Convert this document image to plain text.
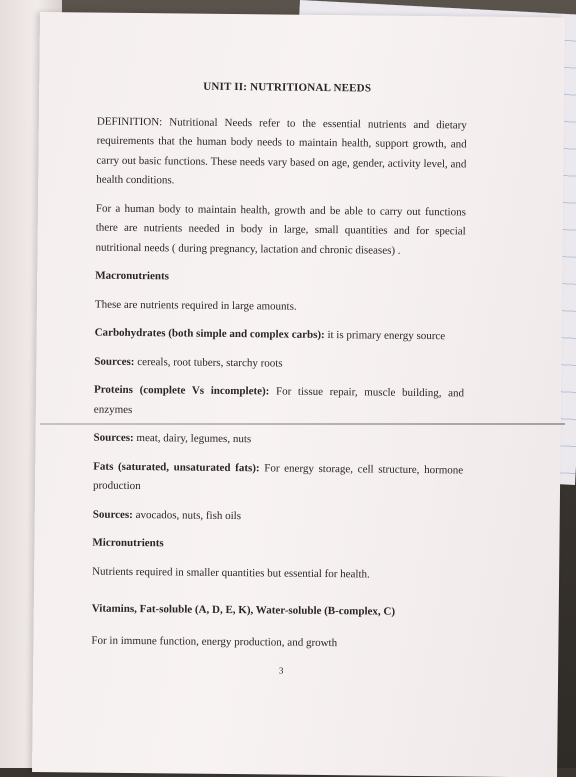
UNIT II: NUTRITIONAL NEEDS

DEFINITION: Nutritional Needs refer to the essential nutrients and dietary requirements that the human body needs to maintain health, support growth, and carry out basic functions. These needs vary based on age, gender, activity level, and health conditions.

For a human body to maintain health, growth and be able to carry out functions there are nutrients needed in body in large, small quantities and for special nutritional needs ( during pregnancy, lactation and chronic diseases) .

Macronutrients

These are nutrients required in large amounts.

Carbohydrates (both simple and complex carbs): it is primary energy source

Sources: cereals, root tubers, starchy roots

Proteins (complete Vs incomplete): For tissue repair, muscle building, and enzymes

Sources: meat, dairy, legumes, nuts

Fats (saturated, unsaturated fats): For energy storage, cell structure, hormone production

Sources: avocados, nuts, fish oils

Micronutrients

Nutrients required in smaller quantities but essential for health.

Vitamins, Fat-soluble (A, D, E, K), Water-soluble (B-complex, C)

For in immune function, energy production, and growth

3
